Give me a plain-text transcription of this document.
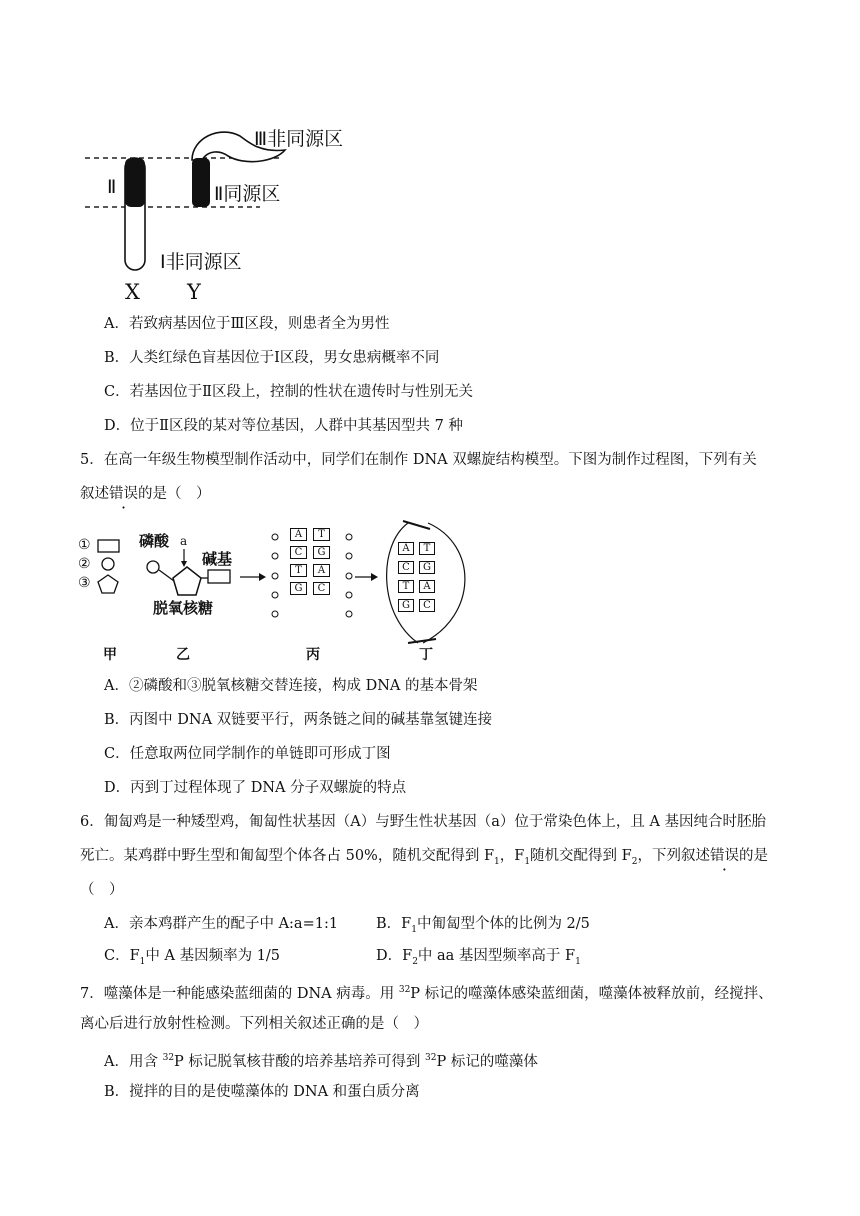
Ⅲ非同源区
Ⅱ	Ⅱ同源区
Ⅰ非同源区
X Y
A．若致病基因位于Ⅲ区段，则患者全为男性
B．人类红绿色盲基因位于Ⅰ区段，男女患病概率不同
C．若基因位于Ⅱ区段上，控制的性状在遗传时与性别无关
D．位于Ⅱ区段的某对等位基因，人群中其基因型共 7 种
5．在高一年级生物模型制作活动中，同学们在制作 DNA 双螺旋结构模型。下图为制作过程图，下列有关
叙述错误的是（　）
①
②
③
磷酸 a
碱基
脱氧核糖
A	T
C	G
T	A
G	C
A	T
C	G
T	A
G	C
甲	乙	丙	丁
A．②磷酸和③脱氧核糖交替连接，构成 DNA 的基本骨架
B．丙图中 DNA 双链要平行，两条链之间的碱基靠氢键连接
C．任意取两位同学制作的单链即可形成丁图
D．丙到丁过程体现了 DNA 分子双螺旋的特点
6．匍匐鸡是一种矮型鸡，匍匐性状基因（A）与野生性状基因（a）位于常染色体上，且 A 基因纯合时胚胎
死亡。某鸡群中野生型和匍匐型个体各占 50%，随机交配得到 $F_1$，$F_1$随机交配得到 $F_2$，下列叙述错误的是
（　）
A．亲本鸡群产生的配子中 A:a=1:1	B．$F_1$中匍匐型个体的比例为 2/5
C．$F_1$中 A 基因频率为 1/5	D．$F_2$中 aa 基因型频率高于 $F_1$
7．噬藻体是一种能感染蓝细菌的 DNA 病毒。用 $^{32}$P 标记的噬藻体感染蓝细菌，噬藻体被释放前，经搅拌、
离心后进行放射性检测。下列相关叙述正确的是（　）
A．用含 $^{32}$P 标记脱氧核苷酸的培养基培养可得到 $^{32}$P 标记的噬藻体
B．搅拌的目的是使噬藻体的 DNA 和蛋白质分离
